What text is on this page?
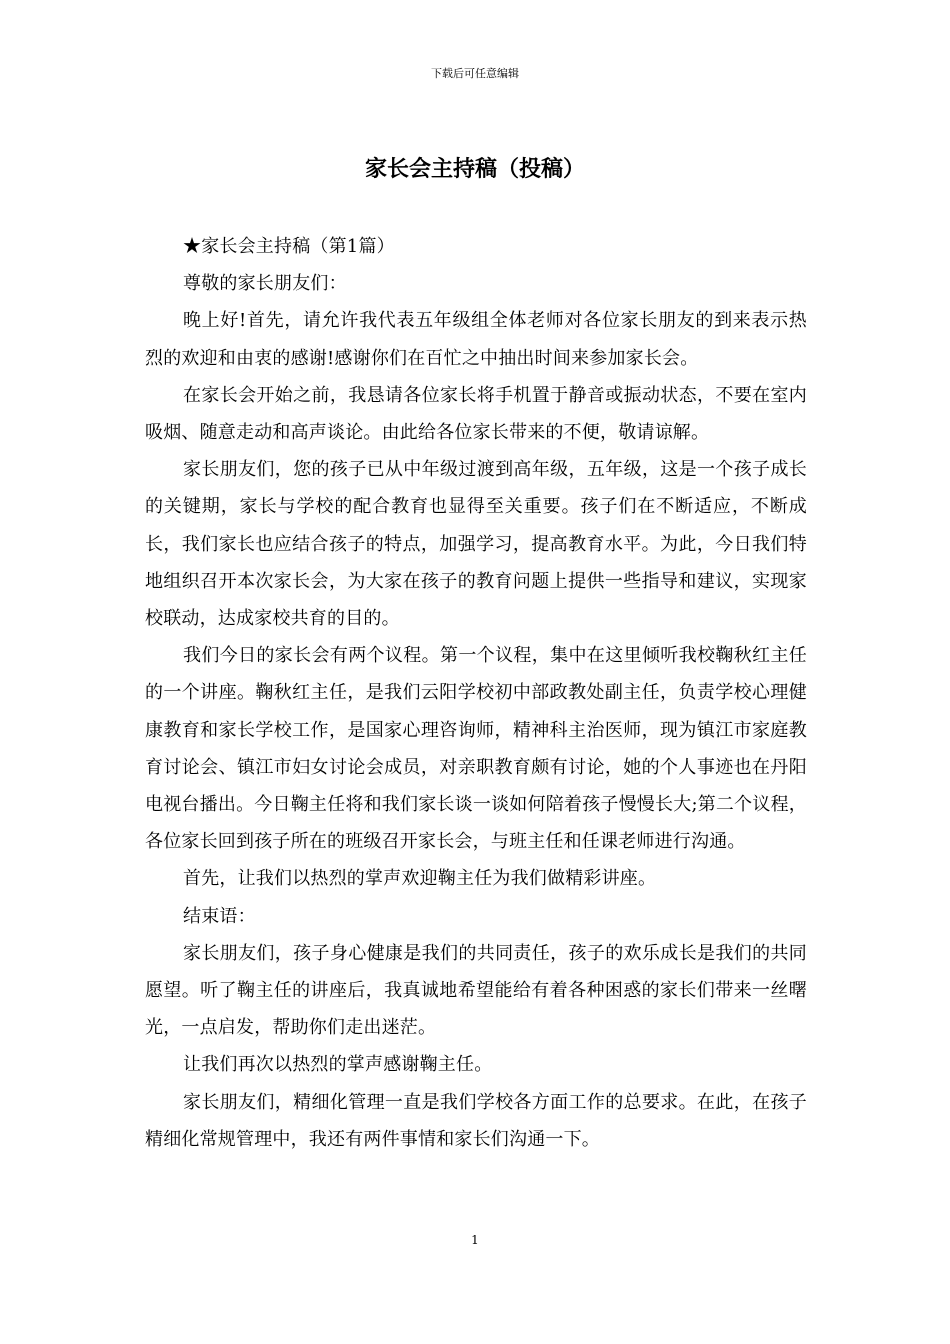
下载后可任意编辑
家长会主持稿（投稿）

★家长会主持稿（第1篇）

尊敬的家长朋友们：

晚上好!首先，请允许我代表五年级组全体老师对各位家长朋友的到来表示热烈的欢迎和由衷的感谢!感谢你们在百忙之中抽出时间来参加家长会。

在家长会开始之前，我恳请各位家长将手机置于静音或振动状态，不要在室内吸烟、随意走动和高声谈论。由此给各位家长带来的不便，敬请谅解。

家长朋友们，您的孩子已从中年级过渡到高年级，五年级，这是一个孩子成长的关键期，家长与学校的配合教育也显得至关重要。孩子们在不断适应，不断成长，我们家长也应结合孩子的特点，加强学习，提高教育水平。为此，今日我们特地组织召开本次家长会，为大家在孩子的教育问题上提供一些指导和建议，实现家校联动，达成家校共育的目的。

我们今日的家长会有两个议程。第一个议程，集中在这里倾听我校鞠秋红主任的一个讲座。鞠秋红主任，是我们云阳学校初中部政教处副主任，负责学校心理健康教育和家长学校工作，是国家心理咨询师，精神科主治医师，现为镇江市家庭教育讨论会、镇江市妇女讨论会成员，对亲职教育颇有讨论，她的个人事迹也在丹阳电视台播出。今日鞠主任将和我们家长谈一谈如何陪着孩子慢慢长大;第二个议程，各位家长回到孩子所在的班级召开家长会，与班主任和任课老师进行沟通。

首先，让我们以热烈的掌声欢迎鞠主任为我们做精彩讲座。

结束语：

家长朋友们，孩子身心健康是我们的共同责任，孩子的欢乐成长是我们的共同愿望。听了鞠主任的讲座后，我真诚地希望能给有着各种困惑的家长们带来一丝曙光，一点启发，帮助你们走出迷茫。

让我们再次以热烈的掌声感谢鞠主任。

家长朋友们，精细化管理一直是我们学校各方面工作的总要求。在此，在孩子精细化常规管理中，我还有两件事情和家长们沟通一下。

1
